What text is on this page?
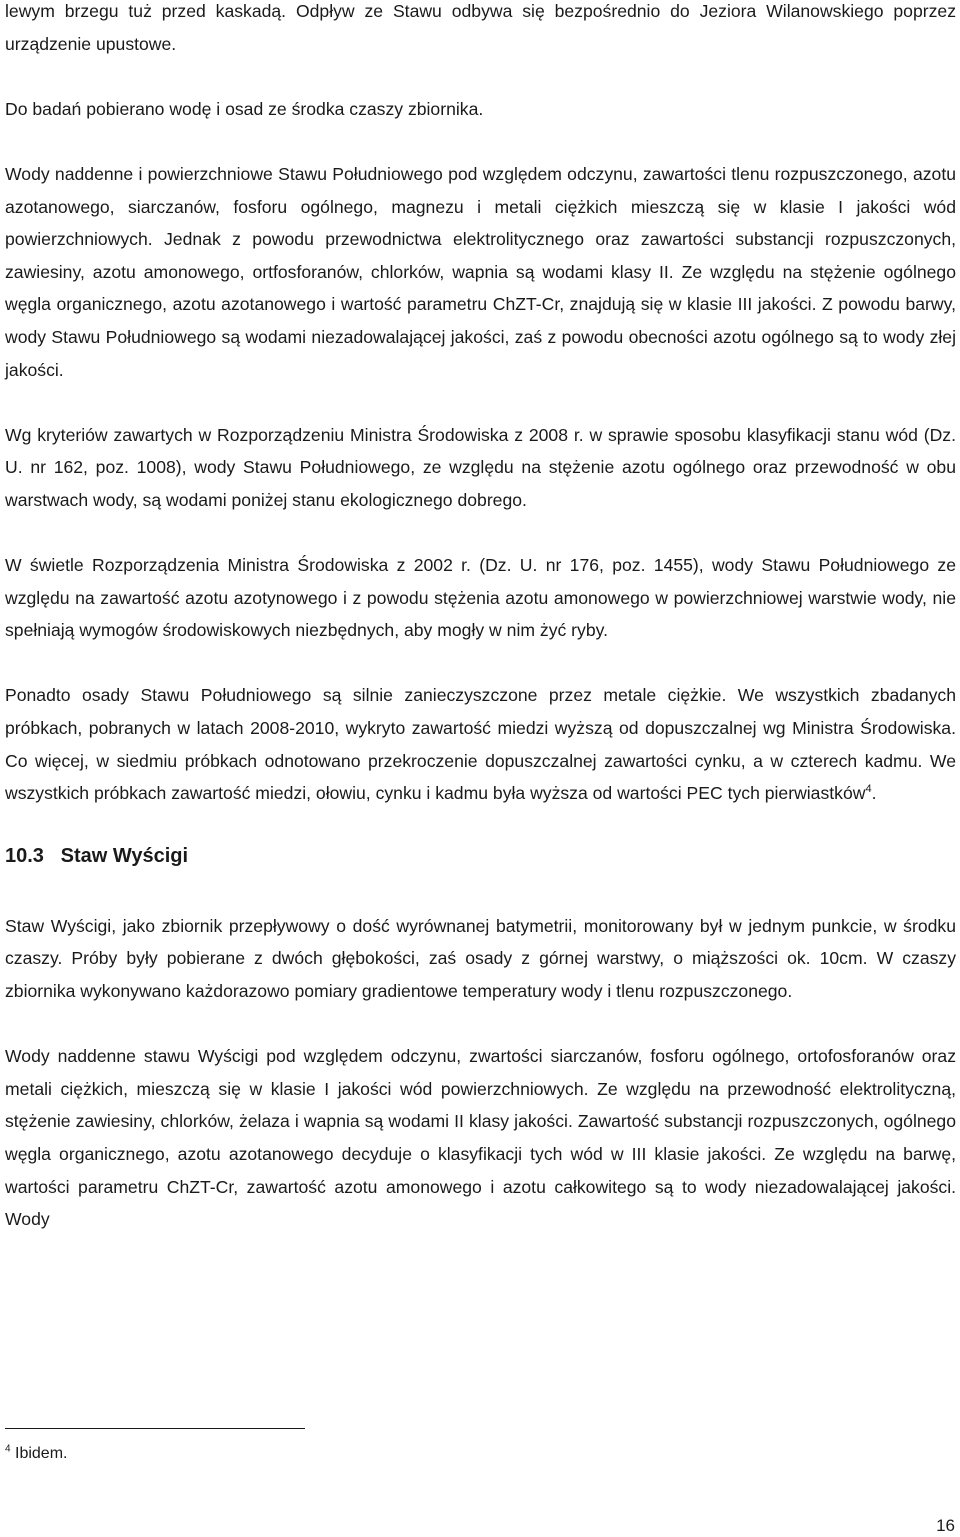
lewym brzegu tuż przed kaskadą. Odpływ ze Stawu odbywa się bezpośrednio do Jeziora Wilanowskiego poprzez urządzenie upustowe.

Do badań pobierano wodę i osad ze środka czaszy zbiornika.

Wody naddenne i powierzchniowe Stawu Południowego pod względem odczynu, zawartości tlenu rozpuszczonego, azotu azotanowego, siarczanów, fosforu ogólnego, magnezu i metali ciężkich mieszczą się w klasie I jakości wód powierzchniowych. Jednak z powodu przewodnictwa elektrolitycznego oraz zawartości substancji rozpuszczonych, zawiesiny, azotu amonowego, ortfosforanów, chlorków, wapnia są wodami klasy II. Ze względu na stężenie ogólnego węgla organicznego, azotu azotanowego i wartość parametru ChZT-Cr, znajdują się w klasie III jakości. Z powodu barwy, wody Stawu Południowego są wodami niezadowalającej jakości, zaś z powodu obecności azotu ogólnego są to wody złej jakości.

Wg kryteriów zawartych w Rozporządzeniu Ministra Środowiska z 2008 r. w sprawie sposobu klasyfikacji stanu wód (Dz. U. nr 162, poz. 1008), wody Stawu Południowego, ze względu na stężenie azotu ogólnego oraz przewodność w obu warstwach wody, są wodami poniżej stanu ekologicznego dobrego.

W świetle Rozporządzenia Ministra Środowiska z 2002 r. (Dz. U. nr 176, poz. 1455), wody Stawu Południowego ze względu na zawartość azotu azotynowego i z powodu stężenia azotu amonowego w powierzchniowej warstwie wody, nie spełniają wymogów środowiskowych niezbędnych, aby mogły w nim żyć ryby.

Ponadto osady Stawu Południowego są silnie zanieczyszczone przez metale ciężkie. We wszystkich zbadanych próbkach, pobranych w latach 2008-2010, wykryto zawartość miedzi wyższą od dopuszczalnej wg Ministra Środowiska. Co więcej, w siedmiu próbkach odnotowano przekroczenie dopuszczalnej zawartości cynku, a w czterech kadmu. We wszystkich próbkach zawartość miedzi, ołowiu, cynku i kadmu była wyższa od wartości PEC tych pierwiastków$^4$.

10.3 Staw Wyścigi

Staw Wyścigi, jako zbiornik przepływowy o dość wyrównanej batymetrii, monitorowany był w jednym punkcie, w środku czaszy. Próby były pobierane z dwóch głębokości, zaś osady z górnej warstwy, o miąższości ok. 10cm. W czaszy zbiornika wykonywano każdorazowo pomiary gradientowe temperatury wody i tlenu rozpuszczonego.

Wody naddenne stawu Wyścigi pod względem odczynu, zwartości siarczanów, fosforu ogólnego, ortofosforanów oraz metali ciężkich, mieszczą się w klasie I jakości wód powierzchniowych. Ze względu na przewodność elektrolityczną, stężenie zawiesiny, chlorków, żelaza i wapnia są wodami II klasy jakości. Zawartość substancji rozpuszczonych, ogólnego węgla organicznego, azotu azotanowego decyduje o klasyfikacji tych wód w III klasie jakości. Ze względu na barwę, wartości parametru ChZT-Cr, zawartość azotu amonowego i azotu całkowitego są to wody niezadowalającej jakości. Wody

$^4$ Ibidem.
16
